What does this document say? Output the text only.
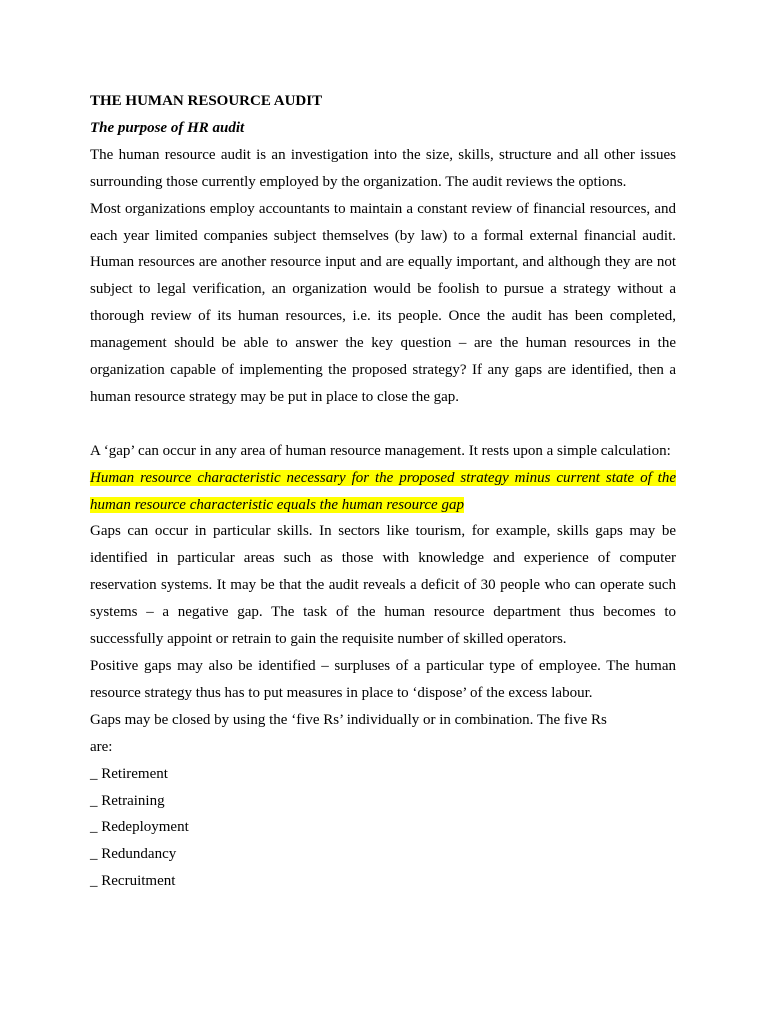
THE HUMAN RESOURCE AUDIT

The purpose of HR audit

The human resource audit is an investigation into the size, skills, structure and all other issues surrounding those currently employed by the organization. The audit reviews the options.

Most organizations employ accountants to maintain a constant review of financial resources, and each year limited companies subject themselves (by law) to a formal external financial audit. Human resources are another resource input and are equally important, and although they are not subject to legal verification, an organization would be foolish to pursue a strategy without a thorough review of its human resources, i.e. its people. Once the audit has been completed, management should be able to answer the key question – are the human resources in the organization capable of implementing the proposed strategy? If any gaps are identified, then a human resource strategy may be put in place to close the gap.

A ‘gap’ can occur in any area of human resource management. It rests upon a simple calculation:

Human resource characteristic necessary for the proposed strategy minus current state of the human resource characteristic equals the human resource gap

Gaps can occur in particular skills. In sectors like tourism, for example, skills gaps may be identified in particular areas such as those with knowledge and experience of computer reservation systems. It may be that the audit reveals a deficit of 30 people who can operate such systems – a negative gap. The task of the human resource department thus becomes to successfully appoint or retrain to gain the requisite number of skilled operators.

Positive gaps may also be identified – surpluses of a particular type of employee. The human resource strategy thus has to put measures in place to ‘dispose’ of the excess labour.

Gaps may be closed by using the ‘five Rs’ individually or in combination. The five Rs

are:

_ Retirement
_ Retraining
_ Redeployment
_ Redundancy
_ Recruitment
